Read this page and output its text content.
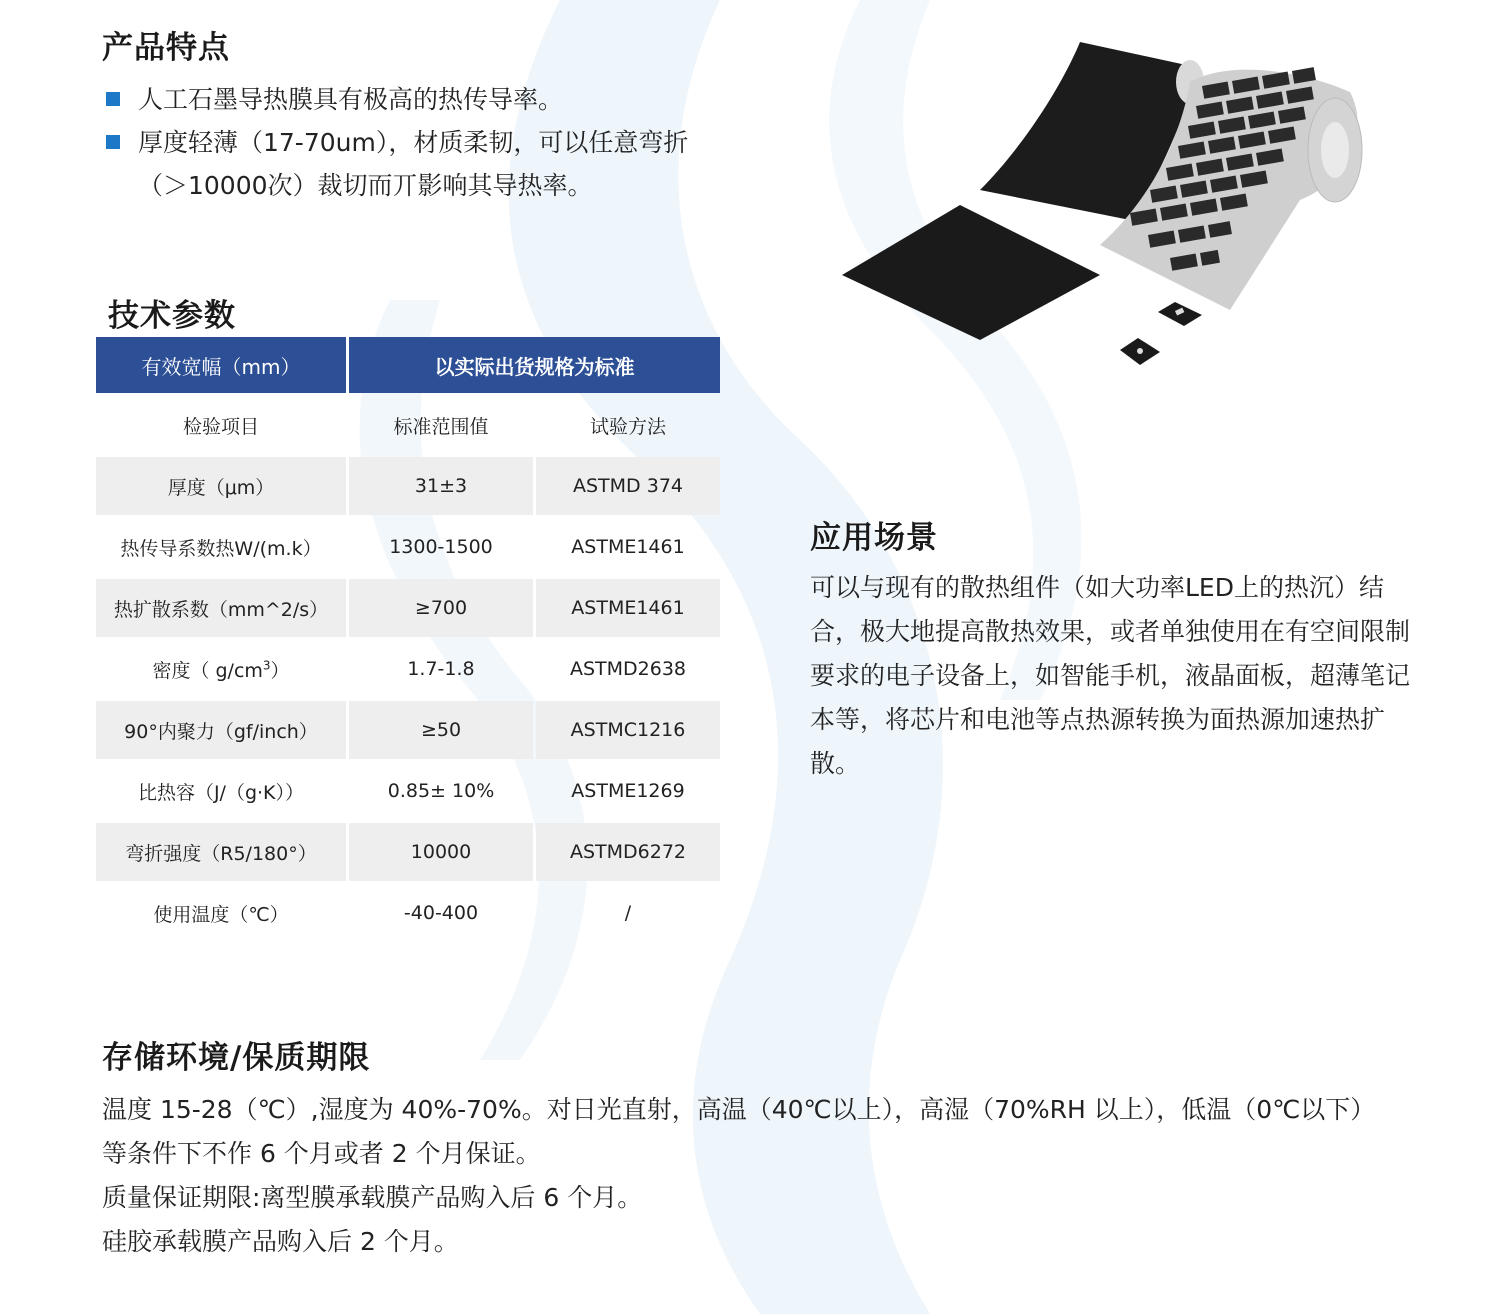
产品特点
人工石墨导热膜具有极高的热传导率。
厚度轻薄（17-70um），材质柔韧，可以任意弯折（＞10000次）裁切而丌影响其导热率。
技术参数
有效宽幅（mm）	以实际出货规格为标准	
检验项目	标准范围值	试验方法
厚度（μm）	31±3	ASTMD 374
热传导系数热W/(m.k）	1300-1500	ASTME1461
热扩散系数（mm^2/s）	≥700	ASTME1461
密度（ $g/cm^3$）	1.7-1.8	ASTMD2638
90°内聚力（gf/inch）	≥50	ASTMC1216
比热容（J/（g·K））	0.85± 10%	ASTME1269
弯折强度（R5/180°）	10000	ASTMD6272
使用温度（℃）	-40-400	/
应用场景

可以与现有的散热组件（如大功率LED上的热沉）结合，极大地提高散热效果，或者单独使用在有空间限制要求的电子设备上，如智能手机，液晶面板，超薄笔记本等，将芯片和电池等点热源转换为面热源加速热扩散。

存储环境/保质期限

温度 15-28（℃）,湿度为 40%-70%。对日光直射，高温（40℃以上），高湿（70%RH 以上），低温（0℃以下）等条件下不作 6 个月或者 2 个月保证。

质量保证期限:离型膜承载膜产品购入后 6 个月。

硅胶承载膜产品购入后 2 个月。
